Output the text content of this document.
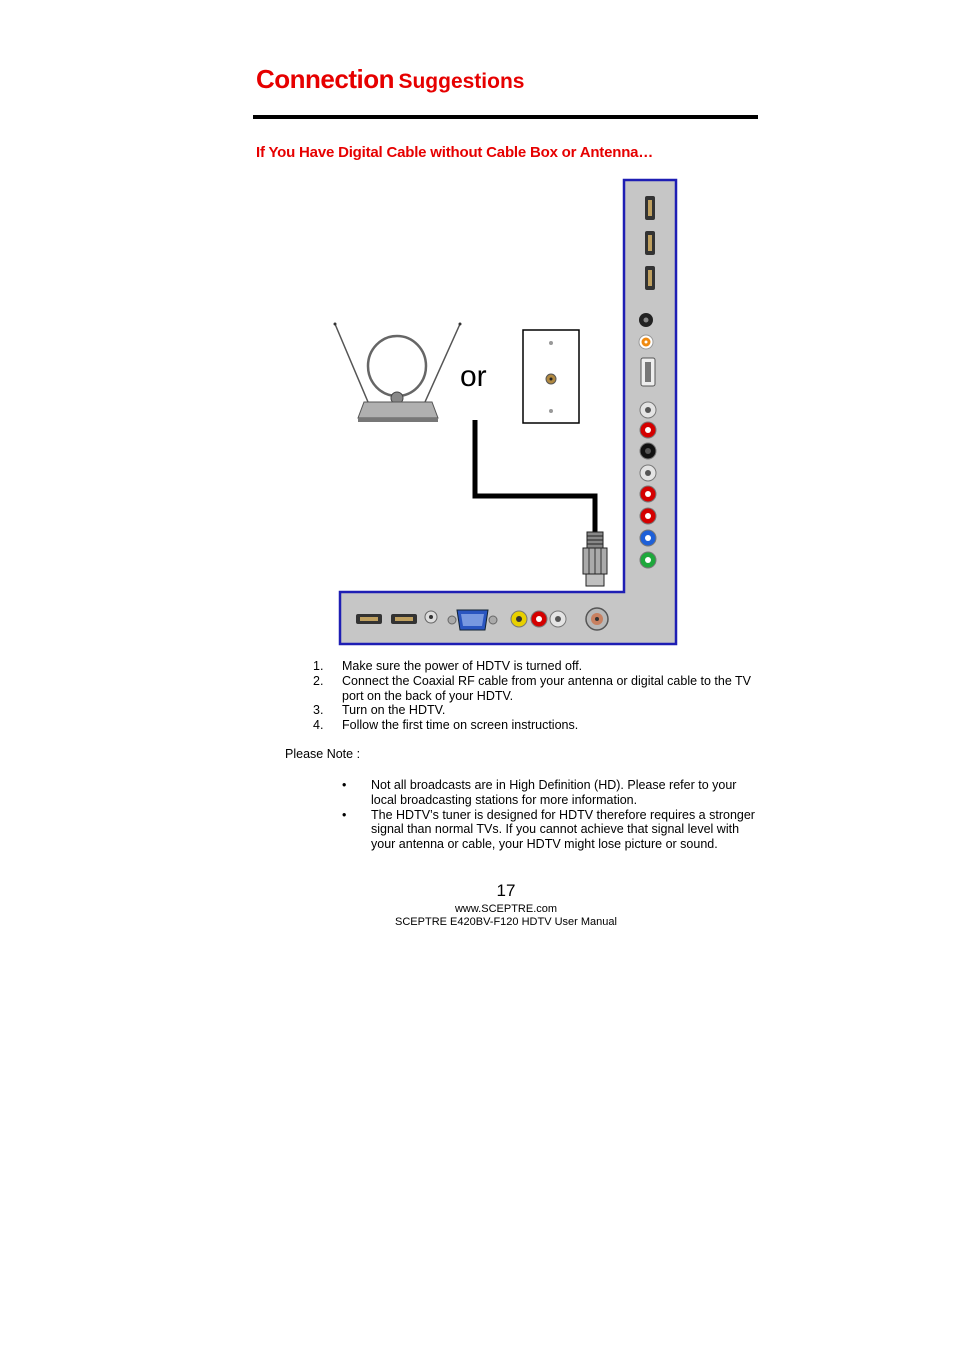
Connection Suggestions
If You Have Digital Cable without Cable Box or Antenna…
or
1. Make sure the power of HDTV is turned off.
2. Connect the Coaxial RF cable from your antenna or digital cable to the TV port on the back of your HDTV.
3. Turn on the HDTV.
4. Follow the first time on screen instructions.
Please Note :
• Not all broadcasts are in High Definition (HD). Please refer to your local broadcasting stations for more information.
• The HDTV’s tuner is designed for HDTV therefore requires a stronger signal than normal TVs. If you cannot achieve that signal level with your antenna or cable, your HDTV might lose picture or sound.
17
www.SCEPTRE.com
SCEPTRE E420BV-F120 HDTV User Manual
